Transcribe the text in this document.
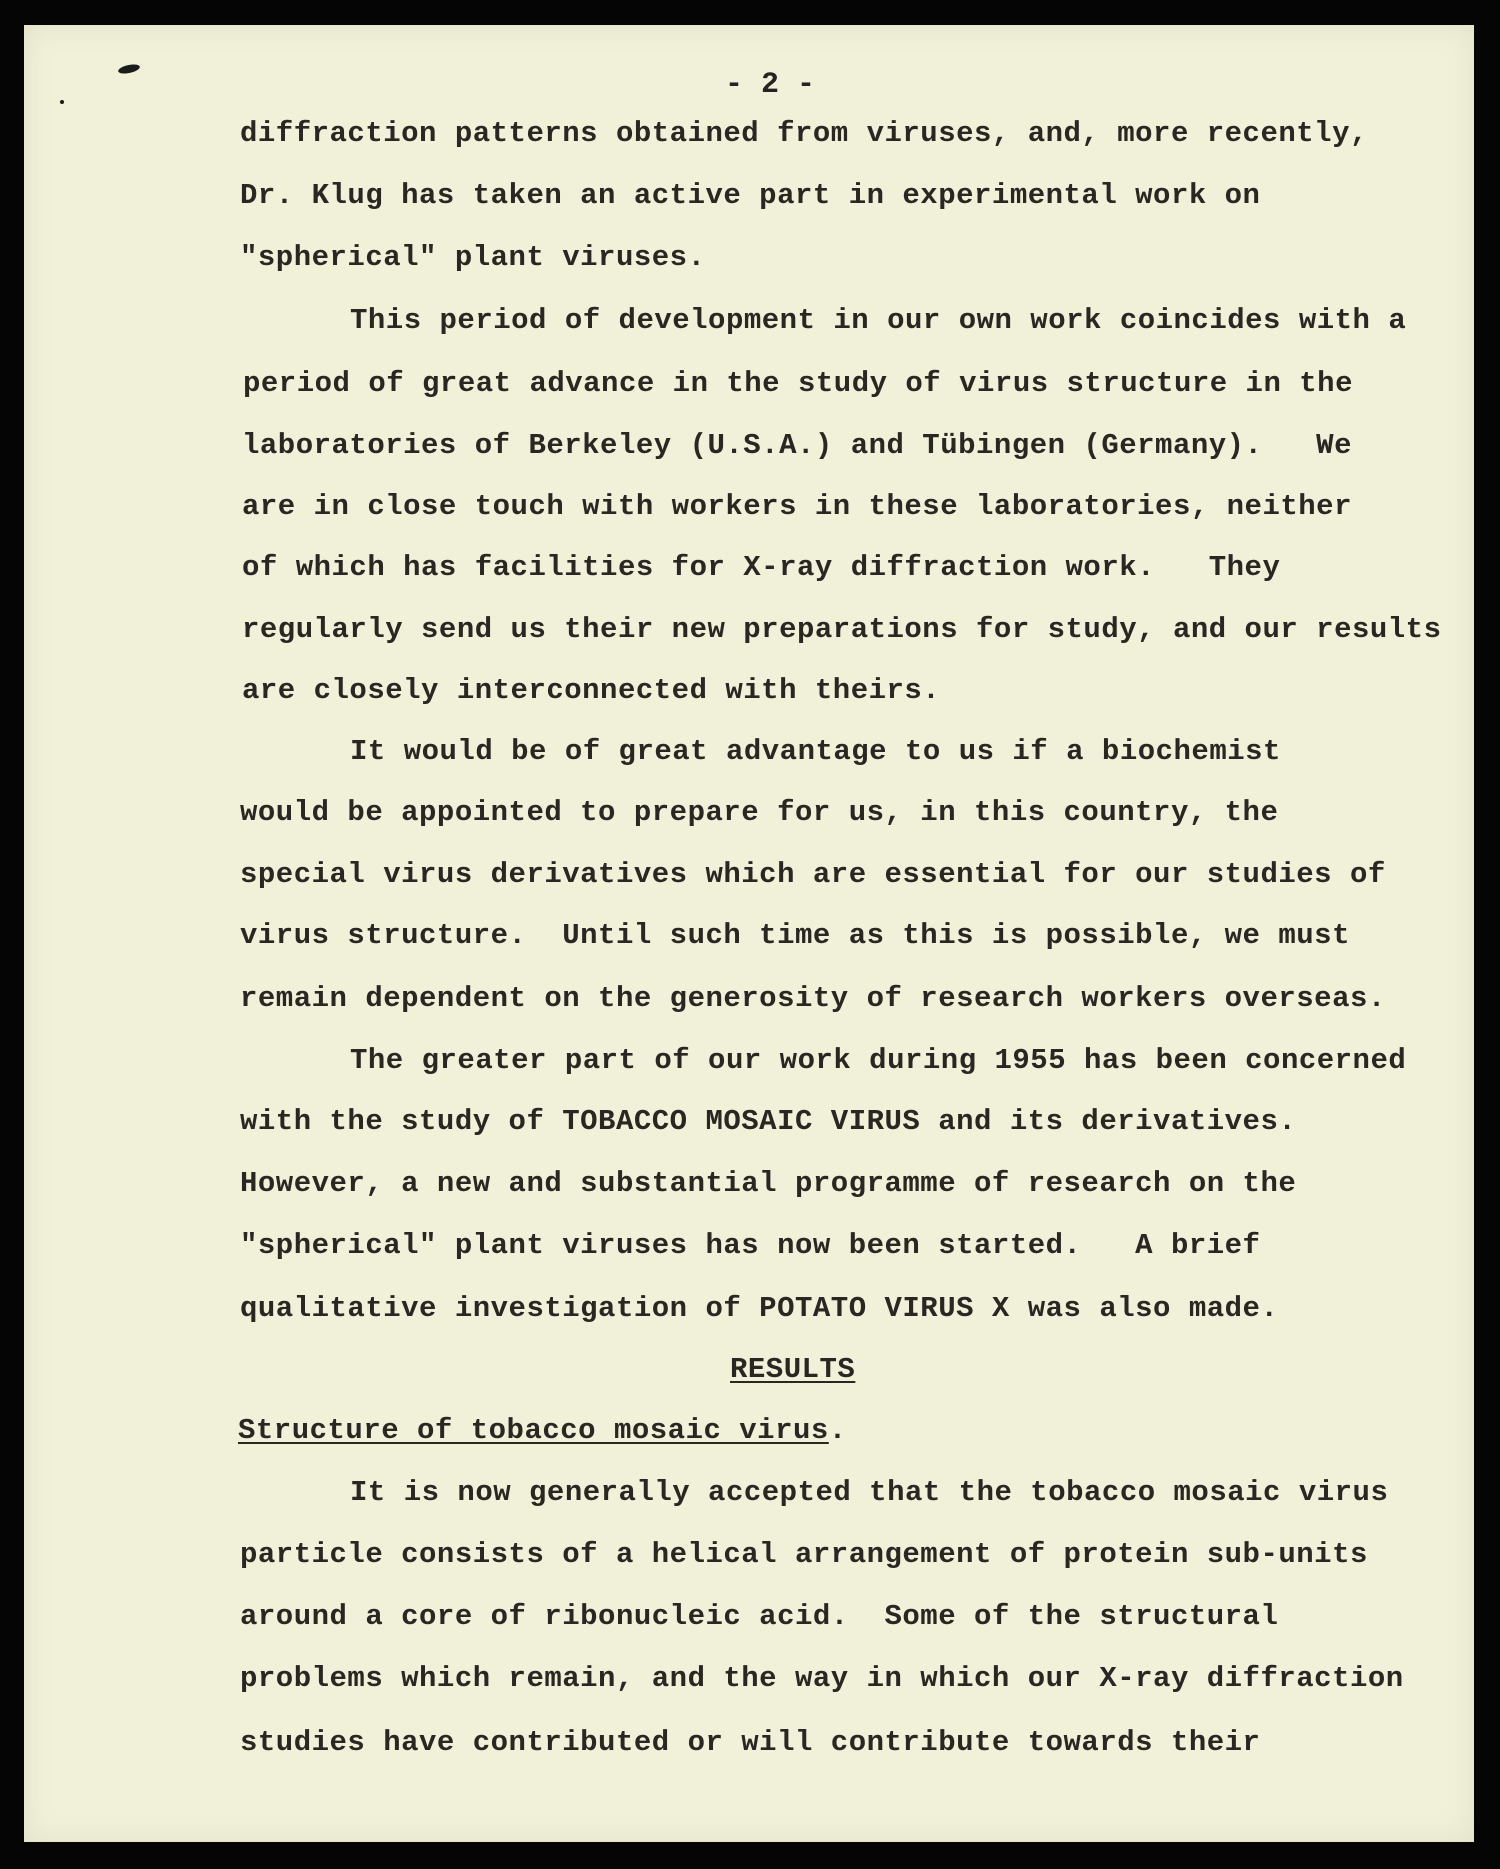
- 2 -

diffraction patterns obtained from viruses, and, more recently,

Dr. Klug has taken an active part in experimental work on

"spherical" plant viruses.

This period of development in our own work coincides with a

period of great advance in the study of virus structure in the

laboratories of Berkeley (U.S.A.) and Tübingen (Germany).   We

are in close touch with workers in these laboratories, neither

of which has facilities for X-ray diffraction work.   They

regularly send us their new preparations for study, and our results

are closely interconnected with theirs.

It would be of great advantage to us if a biochemist

would be appointed to prepare for us, in this country, the

special virus derivatives which are essential for our studies of

virus structure.  Until such time as this is possible, we must

remain dependent on the generosity of research workers overseas.

The greater part of our work during 1955 has been concerned

with the study of TOBACCO MOSAIC VIRUS and its derivatives.

However, a new and substantial programme of research on the

"spherical" plant viruses has now been started.   A brief

qualitative investigation of POTATO VIRUS X was also made.

RESULTS

Structure of tobacco mosaic virus.

It is now generally accepted that the tobacco mosaic virus

particle consists of a helical arrangement of protein sub-units

around a core of ribonucleic acid.  Some of the structural

problems which remain, and the way in which our X-ray diffraction

studies have contributed or will contribute towards their
